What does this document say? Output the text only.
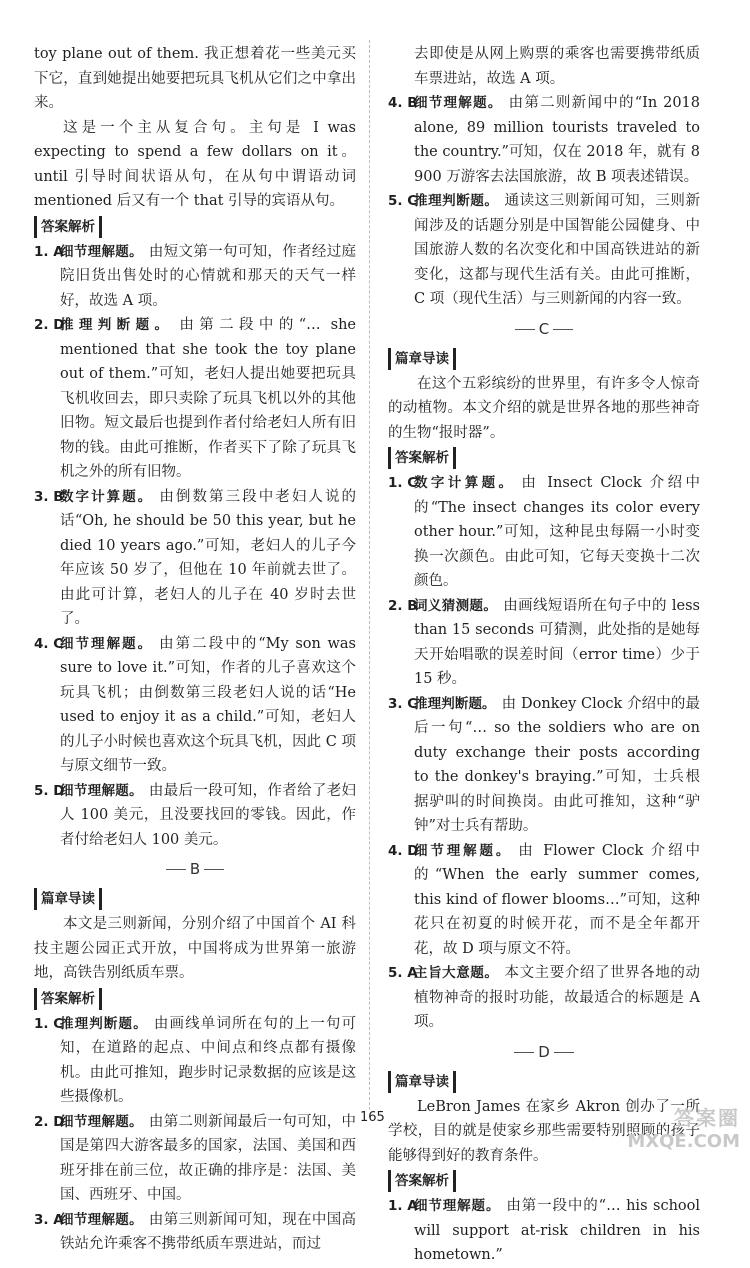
toy plane out of them. 我正想着花一些美元买下它，直到她提出她要把玩具飞机从它们之中拿出来。

这是一个主从复合句。主句是 I was expecting to spend a few dollars on it。until 引导时间状语从句，在从句中谓语动词 mentioned 后又有一个 that 引导的宾语从句。

答案解析

1. A
细节理解题。 由短文第一句可知，作者经过庭院旧货出售处时的心情就和那天的天气一样好，故选 A 项。

2. D
推理判断题。 由第二段中的“… she mentioned that she took the toy plane out of them.”可知，老妇人提出她要把玩具飞机收回去，即只卖除了玩具飞机以外的其他旧物。短文最后也提到作者付给老妇人所有旧物的钱。由此可推断，作者买下了除了玩具飞机之外的所有旧物。

3. B
数字计算题。 由倒数第三段中老妇人说的话“Oh, he should be 50 this year, but he died 10 years ago.”可知，老妇人的儿子今年应该 50 岁了，但他在 10 年前就去世了。由此可计算，老妇人的儿子在 40 岁时去世了。

4. C
细节理解题。 由第二段中的“My son was sure to love it.”可知，作者的儿子喜欢这个玩具飞机；由倒数第三段老妇人说的话“He used to enjoy it as a child.”可知，老妇人的儿子小时候也喜欢这个玩具飞机，因此 C 项与原文细节一致。

5. D
细节理解题。 由最后一段可知，作者给了老妇人 100 美元，且没要找回的零钱。因此，作者付给老妇人 100 美元。

B
篇章导读

本文是三则新闻，分别介绍了中国首个 AI 科技主题公园正式开放，中国将成为世界第一旅游地，高铁告别纸质车票。

答案解析

1. C
推理判断题。 由画线单词所在句的上一句可知，在道路的起点、中间点和终点都有摄像机。由此可推知，跑步时记录数据的应该是这些摄像机。

2. D
细节理解题。 由第二则新闻最后一句可知，中国是第四大游客最多的国家，法国、美国和西班牙排在前三位，故正确的排序是：法国、美国、西班牙、中国。

3. A
细节理解题。 由第三则新闻可知，现在中国高铁站允许乘客不携带纸质车票进站，而过

去即使是从网上购票的乘客也需要携带纸质车票进站，故选 A 项。

4. B
细节理解题。 由第二则新闻中的“In 2018 alone, 89 million tourists traveled to the country.”可知，仅在 2018 年，就有 8 900 万游客去法国旅游，故 B 项表述错误。

5. C
推理判断题。 通读这三则新闻可知，三则新闻涉及的话题分别是中国智能公园健身、中国旅游人数的名次变化和中国高铁进站的新变化，这都与现代生活有关。由此可推断，C 项（现代生活）与三则新闻的内容一致。

C
篇章导读

在这个五彩缤纷的世界里，有许多令人惊奇的动植物。本文介绍的就是世界各地的那些神奇的生物“报时器”。

答案解析

1. C
数字计算题。 由 Insect Clock 介绍中的“The insect changes its color every other hour.”可知，这种昆虫每隔一小时变换一次颜色。由此可知，它每天变换十二次颜色。

2. B
词义猜测题。 由画线短语所在句子中的 less than 15 seconds 可猜测，此处指的是她每天开始唱歌的误差时间（error time）少于 15 秒。

3. C
推理判断题。 由 Donkey Clock 介绍中的最后一句“… so the soldiers who are on duty exchange their posts according to the donkey's braying.”可知，士兵根据驴叫的时间换岗。由此可推知，这种“驴钟”对士兵有帮助。

4. D
细节理解题。 由 Flower Clock 介绍中的“When the early summer comes, this kind of flower blooms…”可知，这种花只在初夏的时候开花，而不是全年都开花，故 D 项与原文不符。

5. A
主旨大意题。 本文主要介绍了世界各地的动植物神奇的报时功能，故最适合的标题是 A 项。

D
篇章导读

LeBron James 在家乡 Akron 创办了一所学校，目的就是使家乡那些需要特别照顾的孩子能够得到好的教育条件。

答案解析

1. A
细节理解题。 由第一段中的“… his school will support at-risk children in his hometown.”

165	答案圈
MXQE.COM
